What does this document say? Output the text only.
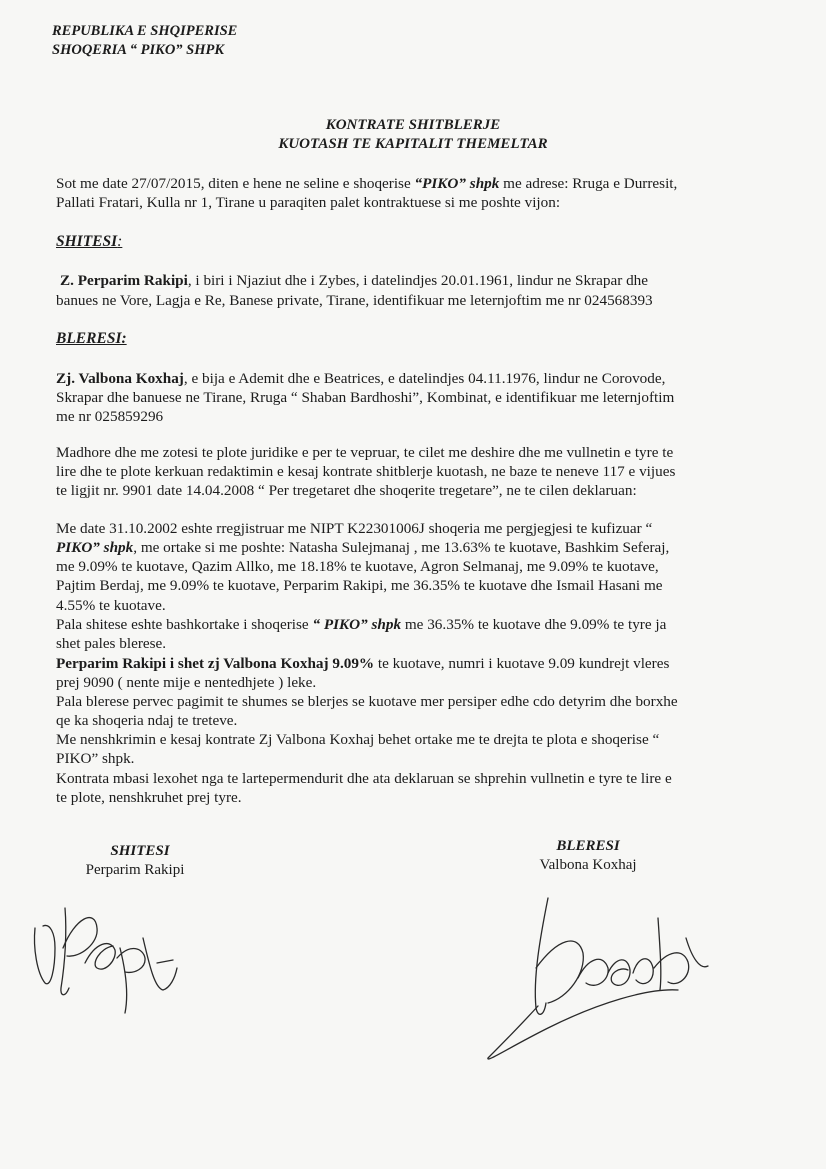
REPUBLIKA E SHQIPERISE
SHOQERIA “ PIKO” SHPK
KONTRATE SHITBLERJE
KUOTASH TE KAPITALIT THEMELTAR
Sot me date 27/07/2015, diten e hene ne seline e shoqerise “PIKO” shpk me adrese: Rruga e Durresit,
Pallati Fratari, Kulla nr 1, Tirane u paraqiten palet kontraktuese si me poshte vijon:
SHITESI:
Z. Perparim Rakipi, i biri i Njaziut dhe i Zybes, i datelindjes 20.01.1961, lindur ne Skrapar dhe
banues ne Vore, Lagja e Re, Banese private, Tirane, identifikuar me leternjoftim me nr 024568393
BLERESI:
Zj. Valbona Koxhaj, e bija e Ademit dhe e Beatrices, e datelindjes 04.11.1976, lindur ne Corovode,
Skrapar dhe banuese ne Tirane, Rruga “ Shaban Bardhoshi”, Kombinat, e identifikuar me leternjoftim
me nr 025859296
Madhore dhe me zotesi te plote juridike e per te vepruar, te cilet me deshire dhe me vullnetin e tyre te
lire dhe te plote kerkuan redaktimin e kesaj kontrate shitblerje kuotash, ne baze te neneve 117 e vijues
te ligjit nr. 9901 date 14.04.2008 “ Per tregetaret dhe shoqerite tregetare”, ne te cilen deklaruan:
Me date 31.10.2002 eshte rregjistruar me NIPT K22301006J shoqeria me pergjegjesi te kufizuar “
PIKO” shpk, me ortake si me poshte: Natasha Sulejmanaj , me 13.63% te kuotave, Bashkim Seferaj,
me 9.09% te kuotave, Qazim Allko, me 18.18% te kuotave, Agron Selmanaj, me 9.09% te kuotave,
Pajtim Berdaj, me 9.09% te kuotave, Perparim Rakipi, me 36.35% te kuotave dhe Ismail Hasani me
4.55% te kuotave.
Pala shitese eshte bashkortake i shoqerise “ PIKO” shpk me 36.35% te kuotave dhe 9.09% te tyre ja
shet pales blerese.
Perparim Rakipi i shet zj Valbona Koxhaj 9.09% te kuotave, numri i kuotave 9.09 kundrejt vleres
prej 9090 ( nente mije e nentedhjete ) leke.
Pala blerese pervec pagimit te shumes se blerjes se kuotave mer persiper edhe cdo detyrim dhe borxhe
qe ka shoqeria ndaj te treteve.
Me nenshkrimin e kesaj kontrate Zj Valbona Koxhaj behet ortake me te drejta te plota e shoqerise “
PIKO” shpk.
Kontrata mbasi lexohet nga te lartepermendurit dhe ata deklaruan se shprehin vullnetin e tyre te lire e
te plote, nenshkruhet prej tyre.
SHITESI
Perparim Rakipi
BLERESI
Valbona Koxhaj
